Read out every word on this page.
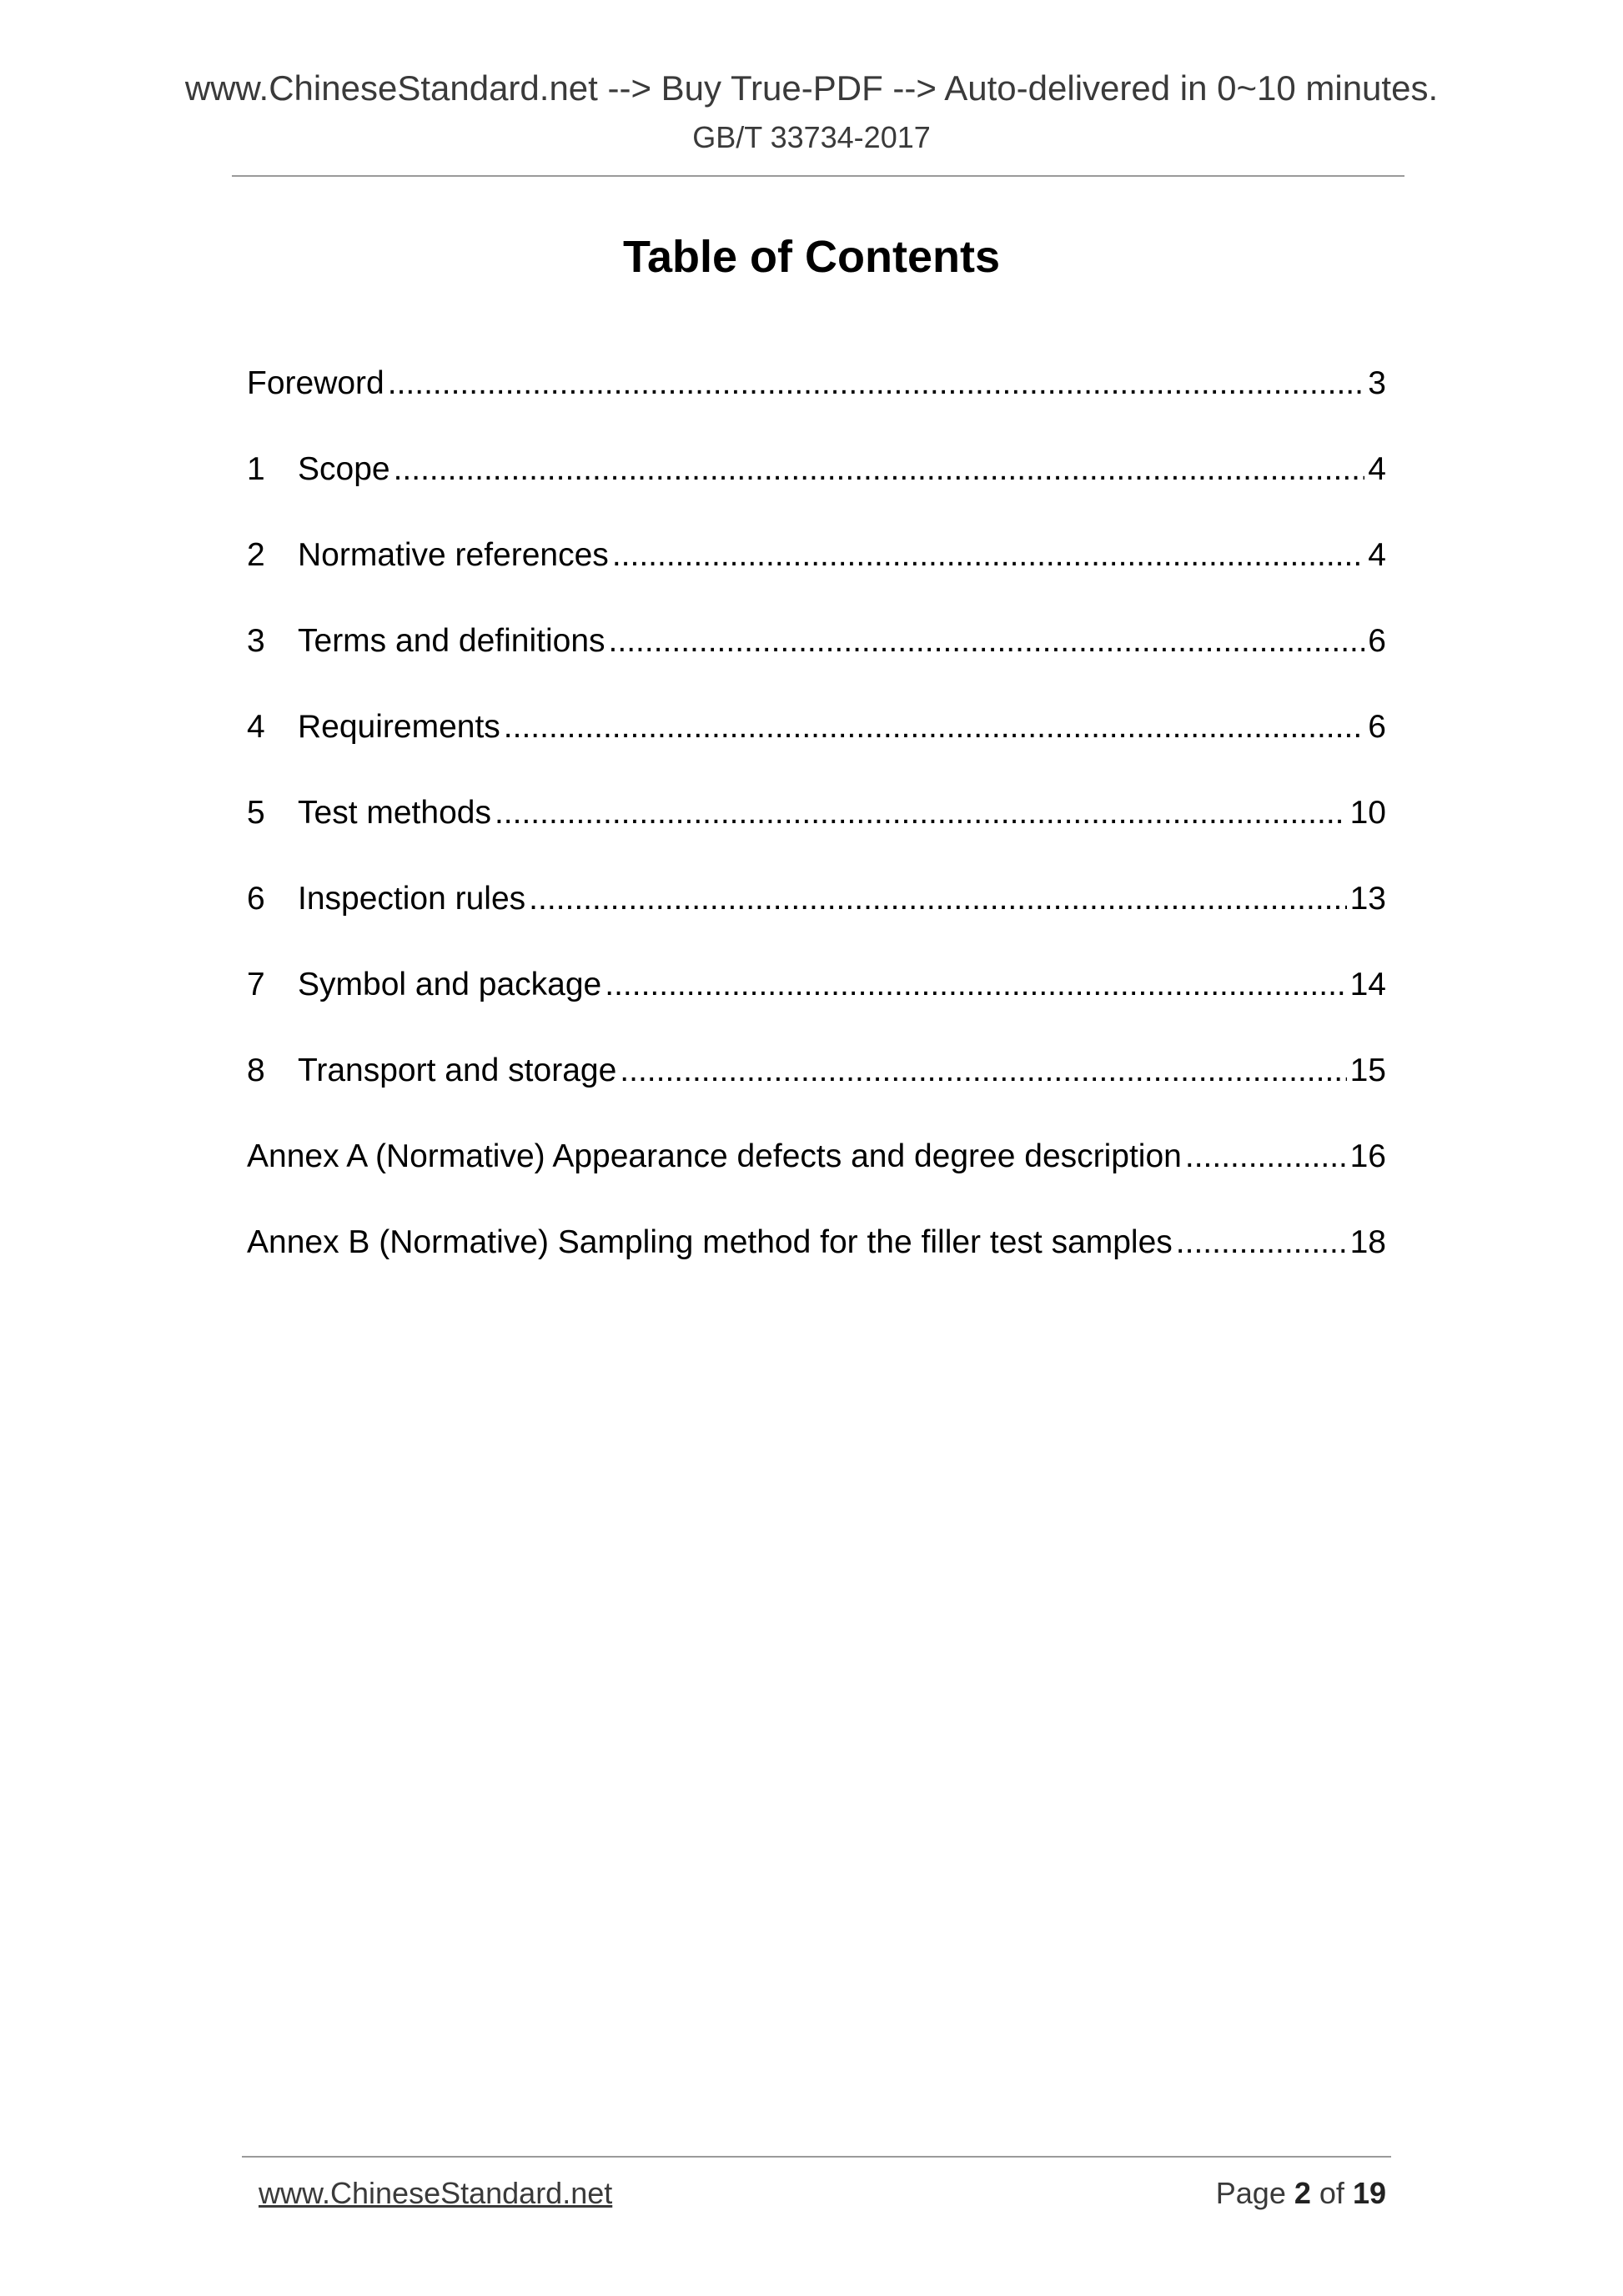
www.ChineseStandard.net --> Buy True-PDF --> Auto-delivered in 0~10 minutes.
GB/T 33734-2017
Table of Contents
Foreword .....	3
1	Scope .....	4
2	Normative references .....	4
3	Terms and definitions .....	6
4	Requirements .....	6
5	Test methods .....	10
6	Inspection rules .....	13
7	Symbol and package .....	14
8	Transport and storage .....	15
Annex A (Normative) Appearance defects and degree description .....	16
Annex B (Normative) Sampling method for the filler test samples .....	18
www.ChineseStandard.net	Page 2 of 19
